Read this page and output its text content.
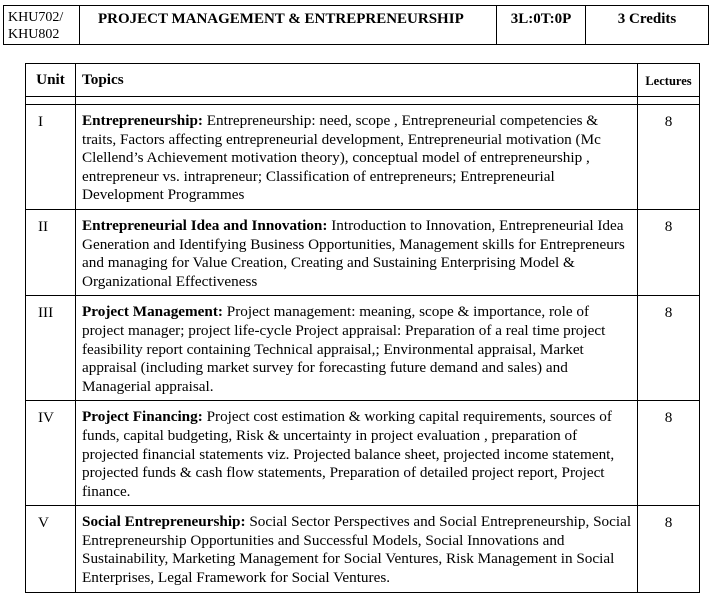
KHU702/
KHU802
	PROJECT MANAGEMENT & ENTREPRENEURSHIP	3L:0T:0P	3 Credits
Unit	Topics	Lectures

I	Entrepreneurship: Entrepreneurship: need, scope , Entrepreneurial competencies & traits, Factors affecting entrepreneurial development, Entrepreneurial motivation (Mc Clellend’s Achievement motivation theory), conceptual model of entrepreneurship , entrepreneur vs. intrapreneur; Classification of entrepreneurs; Entrepreneurial Development Programmes	8
II	Entrepreneurial Idea and Innovation: Introduction to Innovation, Entrepreneurial Idea Generation and Identifying Business Opportunities, Management skills for Entrepreneurs and managing for Value Creation, Creating and Sustaining Enterprising Model & Organizational Effectiveness	8
III	Project Management: Project management: meaning, scope & importance, role of project manager; project life-cycle Project appraisal: Preparation of a real time project feasibility report containing Technical appraisal,; Environmental appraisal, Market appraisal (including market survey for forecasting future demand and sales) and Managerial appraisal.	8
IV	Project Financing: Project cost estimation & working capital requirements, sources of funds, capital budgeting, Risk & uncertainty in project evaluation , preparation of projected financial statements viz. Projected balance sheet, projected income statement, projected funds & cash flow statements, Preparation of detailed project report, Project finance.	8
V	Social Entrepreneurship: Social Sector Perspectives and Social Entrepreneurship, Social Entrepreneurship Opportunities and Successful Models, Social Innovations and Sustainability, Marketing Management for Social Ventures, Risk Management in Social Enterprises, Legal Framework for Social Ventures.	8
